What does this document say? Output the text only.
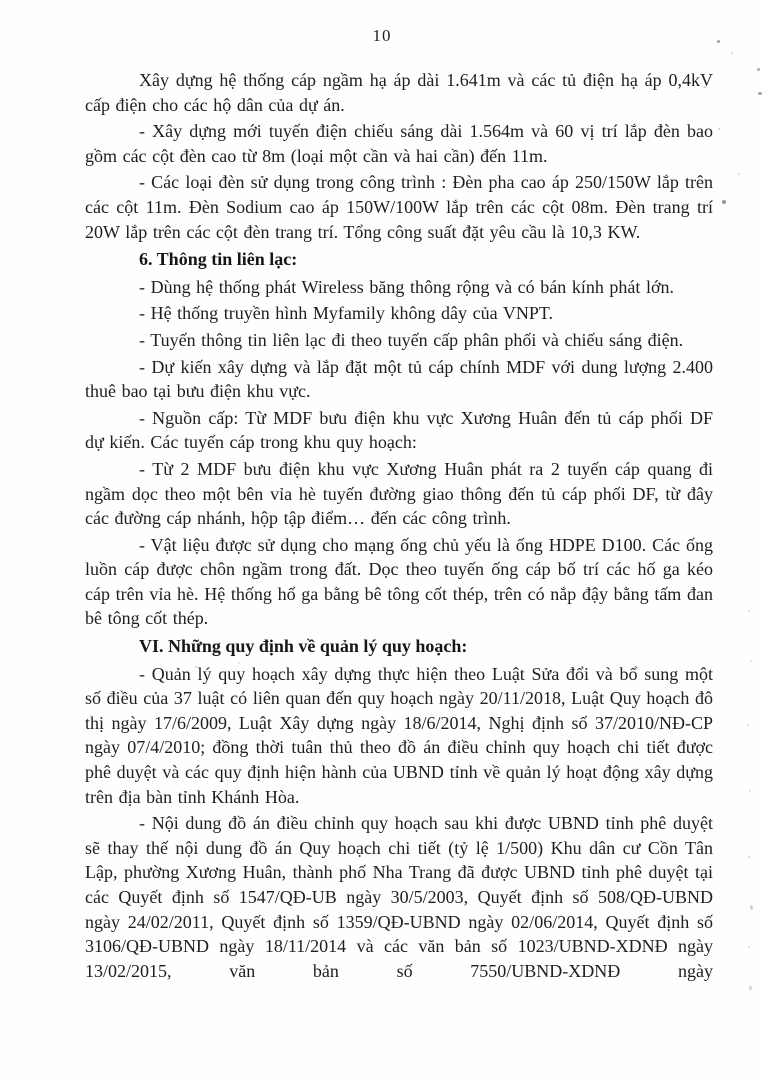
10
Xây dựng hệ thống cáp ngầm hạ áp dài 1.641m và các tủ điện hạ áp 0,4kV cấp điện cho các hộ dân của dự án.
- Xây dựng mới tuyến điện chiếu sáng dài 1.564m và 60 vị trí lắp đèn bao gồm các cột đèn cao từ 8m (loại một cần và hai cần) đến 11m.
- Các loại đèn sử dụng trong công trình : Đèn pha cao áp 250/150W lắp trên các cột 11m. Đèn Sodium cao áp 150W/100W lắp trên các cột 08m. Đèn trang trí 20W lắp trên các cột đèn trang trí. Tổng công suất đặt yêu cầu là 10,3 KW.
6. Thông tin liên lạc:
- Dùng hệ thống phát Wireless băng thông rộng và có bán kính phát lớn.
- Hệ thống truyền hình Myfamily không dây của VNPT.
- Tuyến thông tin liên lạc đi theo tuyến cấp phân phối và chiếu sáng điện.
- Dự kiến xây dựng và lắp đặt một tủ cáp chính MDF với dung lượng 2.400 thuê bao tại bưu điện khu vực.
- Nguồn cấp: Từ MDF bưu điện khu vực Xương Huân đến tủ cáp phối DF dự kiến. Các tuyến cáp trong khu quy hoạch:
- Từ 2 MDF bưu điện khu vực Xương Huân phát ra 2 tuyến cáp quang đi ngầm dọc theo một bên vỉa hè tuyến đường giao thông đến tủ cáp phối DF, từ đây các đường cáp nhánh, hộp tập điểm… đến các công trình.
- Vật liệu được sử dụng cho mạng ống chủ yếu là ống HDPE D100. Các ống luồn cáp được chôn ngầm trong đất. Dọc theo tuyến ống cáp bố trí các hố ga kéo cáp trên vỉa hè. Hệ thống hố ga bằng bê tông cốt thép, trên có nắp đậy bằng tấm đan bê tông cốt thép.
VI. Những quy định về quản lý quy hoạch:
- Quản lý quy hoạch xây dựng thực hiện theo Luật Sửa đổi và bổ sung một số điều của 37 luật có liên quan đến quy hoạch ngày 20/11/2018, Luật Quy hoạch đô thị ngày 17/6/2009, Luật Xây dựng ngày 18/6/2014, Nghị định số 37/2010/NĐ-CP ngày 07/4/2010; đồng thời tuân thủ theo đồ án điều chỉnh quy hoạch chi tiết được phê duyệt và các quy định hiện hành của UBND tỉnh về quản lý hoạt động xây dựng trên địa bàn tỉnh Khánh Hòa.
- Nội dung đồ án điều chỉnh quy hoạch sau khi được UBND tỉnh phê duyệt sẽ thay thế nội dung đồ án Quy hoạch chi tiết (tỷ lệ 1/500) Khu dân cư Cồn Tân Lập, phường Xương Huân, thành phố Nha Trang đã được UBND tỉnh phê duyệt tại các Quyết định số 1547/QĐ-UB ngày 30/5/2003, Quyết định số 508/QĐ-UBND ngày 24/02/2011, Quyết định số 1359/QĐ-UBND ngày 02/06/2014, Quyết định số 3106/QĐ-UBND ngày 18/11/2014 và các văn bản số 1023/UBND-XDNĐ ngày 13/02/2015, văn bản số 7550/UBND-XDNĐ ngày
